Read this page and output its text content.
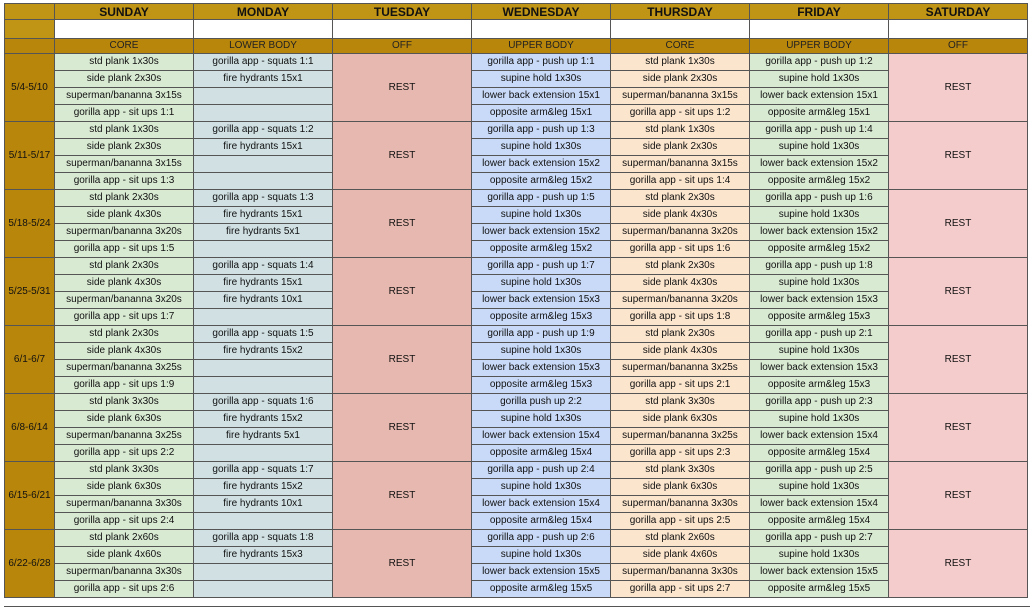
	SUNDAY	MONDAY	TUESDAY	WEDNESDAY	THURSDAY	FRIDAY	SATURDAY

	CORE	LOWER BODY	OFF	UPPER BODY	CORE	UPPER BODY	OFF
5/4-5/10	std plank 1x30s	gorilla app - squats 1:1	REST	gorilla app - push up 1:1	std plank 1x30s	gorilla app - push up 1:2	REST
	side plank 2x30s	fire hydrants 15x1		supine hold 1x30s	side plank 2x30s	supine hold 1x30s	
	superman/bananna 3x15s			lower back extension 15x1	superman/bananna 3x15s	lower back extension 15x1	
	gorilla app - sit ups 1:1			opposite arm&leg 15x1	gorilla app - sit ups 1:2	opposite arm&leg 15x1	
5/11-5/17	std plank 1x30s	gorilla app - squats 1:2	REST	gorilla app - push up 1:3	std plank 1x30s	gorilla app - push up 1:4	REST
	side plank 2x30s	fire hydrants 15x1		supine hold 1x30s	side plank 2x30s	supine hold 1x30s	
	superman/bananna 3x15s			lower back extension 15x2	superman/bananna 3x15s	lower back extension 15x2	
	gorilla app - sit ups 1:3			opposite arm&leg 15x2	gorilla app - sit ups 1:4	opposite arm&leg 15x2	
5/18-5/24	std plank 2x30s	gorilla app - squats 1:3	REST	gorilla app - push up 1:5	std plank 2x30s	gorilla app - push up 1:6	REST
	side plank 4x30s	fire hydrants 15x1		supine hold 1x30s	side plank 4x30s	supine hold 1x30s	
	superman/bananna 3x20s	fire hydrants 5x1		lower back extension 15x2	superman/bananna 3x20s	lower back extension 15x2	
	gorilla app - sit ups 1:5			opposite arm&leg 15x2	gorilla app - sit ups 1:6	opposite arm&leg 15x2	
5/25-5/31	std plank 2x30s	gorilla app - squats 1:4	REST	gorilla app - push up 1:7	std plank 2x30s	gorilla app - push up 1:8	REST
	side plank 4x30s	fire hydrants 15x1		supine hold 1x30s	side plank 4x30s	supine hold 1x30s	
	superman/bananna 3x20s	fire hydrants 10x1		lower back extension 15x3	superman/bananna 3x20s	lower back extension 15x3	
	gorilla app - sit ups 1:7			opposite arm&leg 15x3	gorilla app - sit ups 1:8	opposite arm&leg 15x3	
6/1-6/7	std plank 2x30s	gorilla app - squats 1:5	REST	gorilla app - push up 1:9	std plank 2x30s	gorilla app - push up 2:1	REST
	side plank 4x30s	fire hydrants 15x2		supine hold 1x30s	side plank 4x30s	supine hold 1x30s	
	superman/bananna 3x25s			lower back extension 15x3	superman/bananna 3x25s	lower back extension 15x3	
	gorilla app - sit ups 1:9			opposite arm&leg 15x3	gorilla app - sit ups 2:1	opposite arm&leg 15x3	
6/8-6/14	std plank 3x30s	gorilla app - squats 1:6	REST	gorilla push up 2:2	std plank 3x30s	gorilla app - push up 2:3	REST
	side plank 6x30s	fire hydrants 15x2		supine hold 1x30s	side plank 6x30s	supine hold 1x30s	
	superman/bananna 3x25s	fire hydrants 5x1		lower back extension 15x4	superman/bananna 3x25s	lower back extension 15x4	
	gorilla app - sit ups 2:2			opposite arm&leg 15x4	gorilla app - sit ups 2:3	opposite arm&leg 15x4	
6/15-6/21	std plank 3x30s	gorilla app - squats 1:7	REST	gorilla app - push up 2:4	std plank 3x30s	gorilla app - push up 2:5	REST
	side plank 6x30s	fire hydrants 15x2		supine hold 1x30s	side plank 6x30s	supine hold 1x30s	
	superman/bananna 3x30s	fire hydrants 10x1		lower back extension 15x4	superman/bananna 3x30s	lower back extension 15x4	
	gorilla app - sit ups 2:4			opposite arm&leg 15x4	gorilla app - sit ups 2:5	opposite arm&leg 15x4	
6/22-6/28	std plank 2x60s	gorilla app - squats 1:8	REST	gorilla app - push up 2:6	std plank 2x60s	gorilla app - push up 2:7	REST
	side plank 4x60s	fire hydrants 15x3		supine hold 1x30s	side plank 4x60s	supine hold 1x30s	
	superman/bananna 3x30s			lower back extension 15x5	superman/bananna 3x30s	lower back extension 15x5	
	gorilla app - sit ups 2:6			opposite arm&leg 15x5	gorilla app - sit ups 2:7	opposite arm&leg 15x5	
